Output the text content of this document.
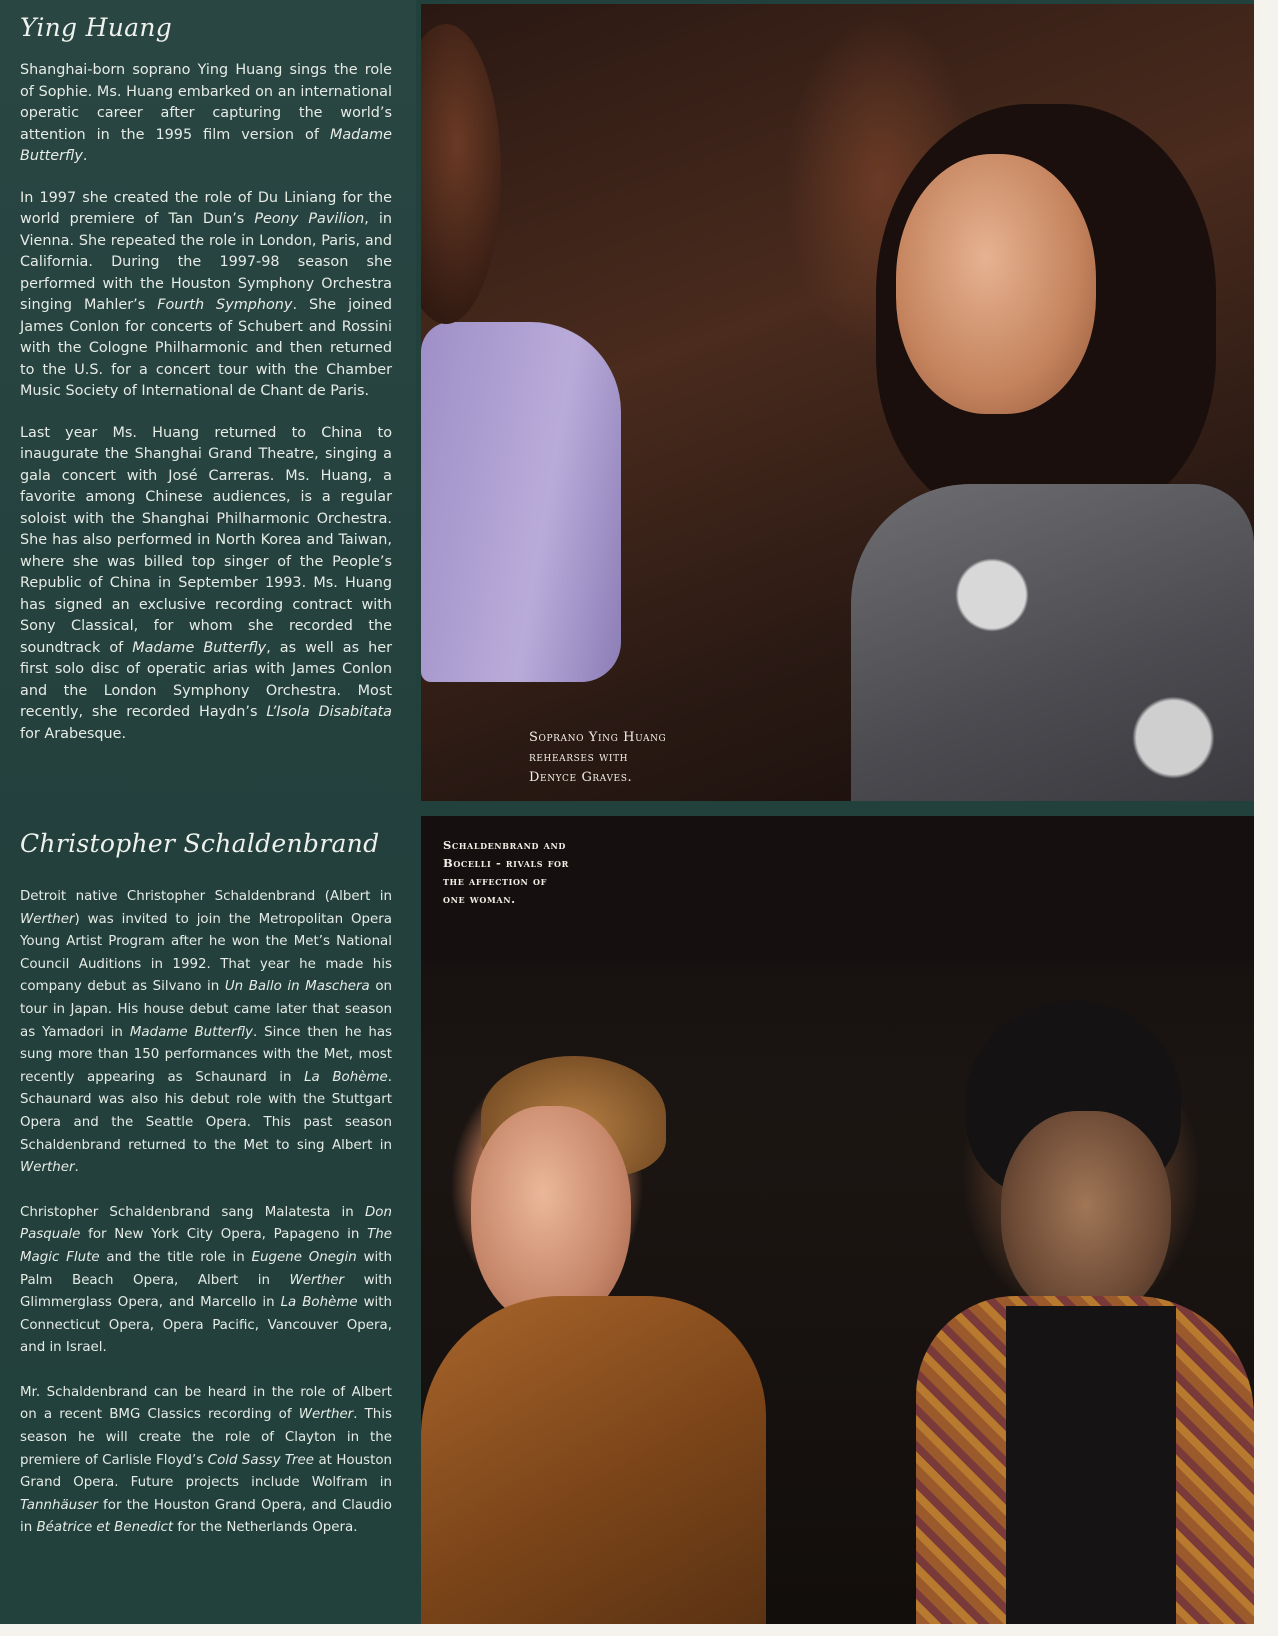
Ying Huang

Shanghai-born soprano Ying Huang sings the role of Sophie. Ms. Huang embarked on an international operatic career after capturing the world’s attention in the 1995 film version of Madame Butterfly.

In 1997 she created the role of Du Liniang for the world premiere of Tan Dun’s Peony Pavilion, in Vienna. She repeated the role in London, Paris, and California. During the 1997-98 season she performed with the Houston Symphony Orchestra singing Mahler’s Fourth Symphony. She joined James Conlon for concerts of Schubert and Rossini with the Cologne Philharmonic and then returned to the U.S. for a concert tour with the Chamber Music Society of International de Chant de Paris.

Last year Ms. Huang returned to China to inaugurate the Shanghai Grand Theatre, singing a gala concert with José Carreras. Ms. Huang, a favorite among Chinese audiences, is a regular soloist with the Shanghai Philharmonic Orchestra. She has also performed in North Korea and Taiwan, where she was billed top singer of the People’s Republic of China in September 1993. Ms. Huang has signed an exclusive recording contract with Sony Classical, for whom she recorded the soundtrack of Madame Butterfly, as well as her first solo disc of operatic arias with James Conlon and the London Symphony Orchestra. Most recently, she recorded Haydn’s L’Isola Disabitata for Arabesque.

Christopher Schaldenbrand

Detroit native Christopher Schaldenbrand (Albert in Werther) was invited to join the Metropolitan Opera Young Artist Program after he won the Met’s National Council Auditions in 1992. That year he made his company debut as Silvano in Un Ballo in Maschera on tour in Japan. His house debut came later that season as Yamadori in Madame Butterfly. Since then he has sung more than 150 performances with the Met, most recently appearing as Schaunard in La Bohème. Schaunard was also his debut role with the Stuttgart Opera and the Seattle Opera. This past season Schaldenbrand returned to the Met to sing Albert in Werther.

Christopher Schaldenbrand sang Malatesta in Don Pasquale for New York City Opera, Papageno in The Magic Flute and the title role in Eugene Onegin with Palm Beach Opera, Albert in Werther with Glimmerglass Opera, and Marcello in La Bohème with Connecticut Opera, Opera Pacific, Vancouver Opera, and in Israel.

Mr. Schaldenbrand can be heard in the role of Albert on a recent BMG Classics recording of Werther. This season he will create the role of Clayton in the premiere of Carlisle Floyd’s Cold Sassy Tree at Houston Grand Opera. Future projects include Wolfram in Tannhäuser for the Houston Grand Opera, and Claudio in Béatrice et Benedict for the Netherlands Opera.

Soprano Ying Huang
rehearses with
Denyce Graves.

Schaldenbrand and
Bocelli - rivals for
the affection of
one woman.
